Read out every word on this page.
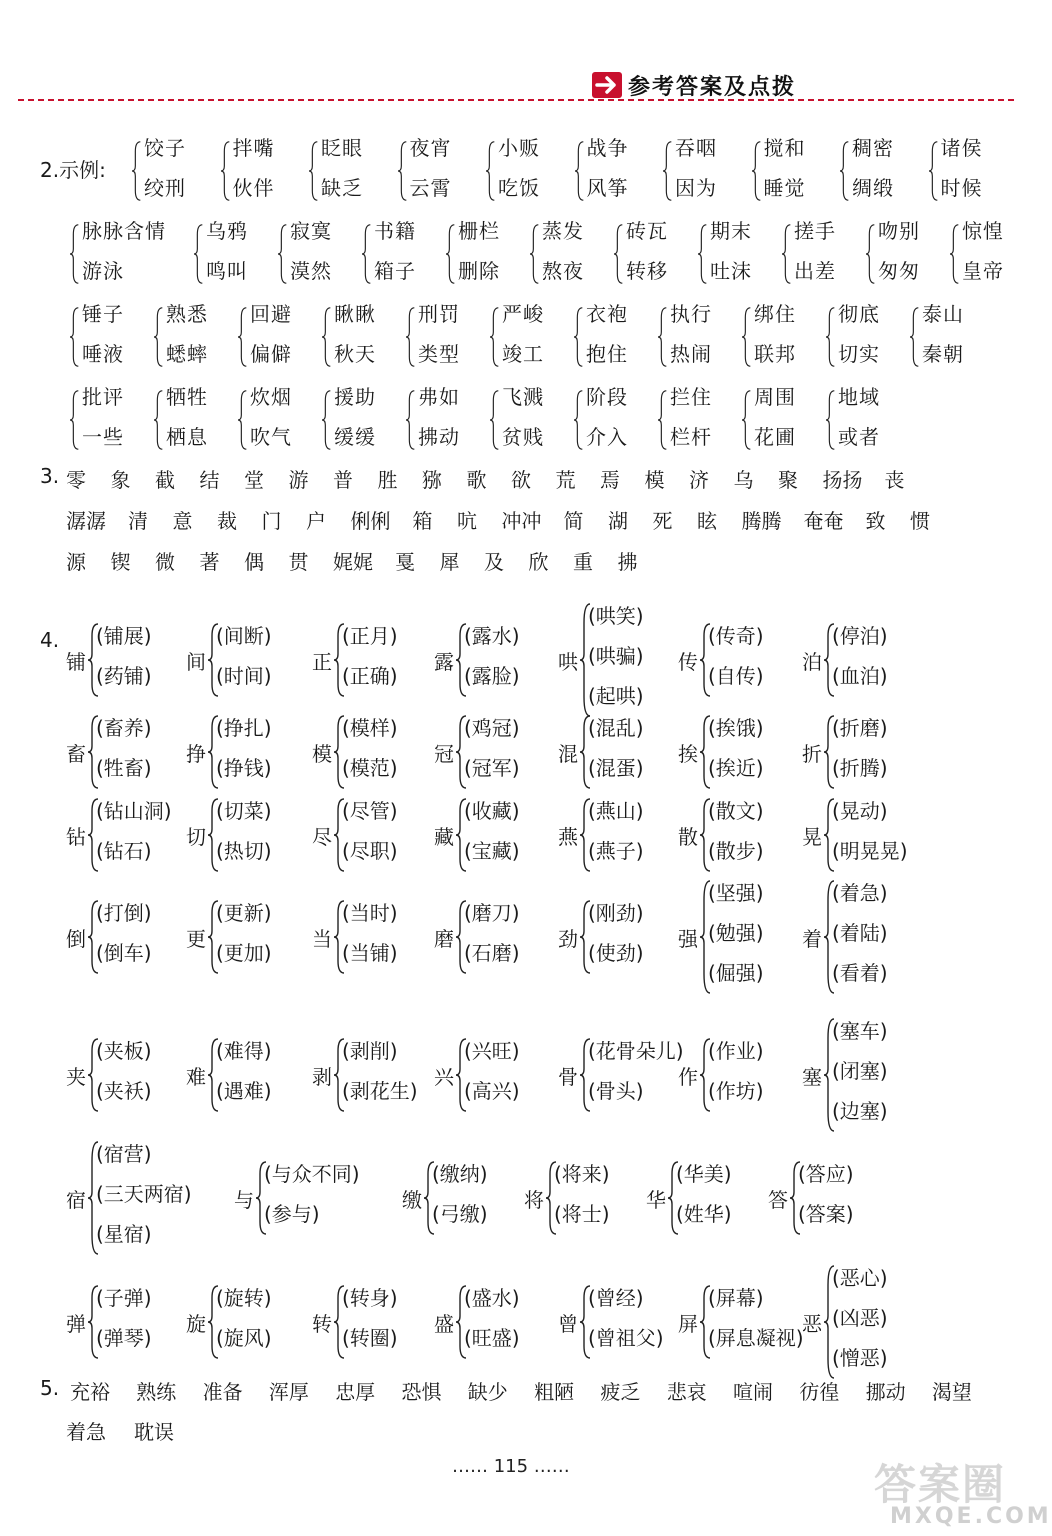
参考答案及点拨
2.示例:
饺子
绞刑
拌嘴
伙伴
眨眼
缺乏
夜宵
云霄
小贩
吃饭
战争
风筝
吞咽
因为
搅和
睡觉
稠密
绸缎
诸侯
时候
脉脉含情
游泳
乌鸦
鸣叫
寂寞
漠然
书籍
箱子
栅栏
删除
蒸发
熬夜
砖瓦
转移
期末
吐沫
搓手
出差
吻别
匆匆
惊惶
皇帝
锤子
唾液
熟悉
蟋蟀
回避
偏僻
瞅瞅
秋天
刑罚
类型
严峻
竣工
衣袍
抱住
执行
热闹
绑住
联邦
彻底
切实
泰山
秦朝
批评
一些
牺牲
栖息
炊烟
吹气
援助
缓缓
弗如
拂动
飞溅
贫贱
阶段
介入
拦住
栏杆
周围
花圃
地域
或者
3. 零 象 截 结 堂 游 普 胜 猕 歌 欲 荒 焉 模 济 乌 聚 扬扬 丧
潺潺 清 意 裁 门 户 俐俐 箱 吭 冲冲 简 湖 死 眩 腾腾 奄奄 致 惯
源 锲 微 著 偶 贯 娓娓 戛 犀 及 欣 重 拂
4.
铺
(铺展)
(药铺)
间
(间断)
(时间)
正
(正月)
(正确)
露
(露水)
(露脸)
哄
(哄笑)
(哄骗)
(起哄)
传
(传奇)
(自传)
泊
(停泊)
(血泊)
畜
(畜养)
(牲畜)
挣
(挣扎)
(挣钱)
模
(模样)
(模范)
冠
(鸡冠)
(冠军)
混
(混乱)
(混蛋)
挨
(挨饿)
(挨近)
折
(折磨)
(折腾)
钻
(钻山洞)
(钻石)
切
(切菜)
(热切)
尽
(尽管)
(尽职)
藏
(收藏)
(宝藏)
燕
(燕山)
(燕子)
散
(散文)
(散步)
晃
(晃动)
(明晃晃)
倒
(打倒)
(倒车)
更
(更新)
(更加)
当
(当时)
(当铺)
磨
(磨刀)
(石磨)
劲
(刚劲)
(使劲)
强
(坚强)
(勉强)
(倔强)
着
(着急)
(着陆)
(看着)
夹
(夹板)
(夹袄)
难
(难得)
(遇难)
剥
(剥削)
(剥花生)
兴
(兴旺)
(高兴)
骨
(花骨朵儿)
(骨头)
作
(作业)
(作坊)
塞
(塞车)
(闭塞)
(边塞)
宿
(宿营)
(三天两宿)
(星宿)
与
(与众不同)
(参与)
缴
(缴纳)
(弓缴)
将
(将来)
(将士)
华
(华美)
(姓华)
答
(答应)
(答案)
弹
(子弹)
(弹琴)
旋
(旋转)
(旋风)
转
(转身)
(转圈)
盛
(盛水)
(旺盛)
曾
(曾经)
(曾祖父)
屏
(屏幕)
(屏息凝视)
恶
(恶心)
(凶恶)
(憎恶)
5. 充裕 熟练 准备 浑厚 忠厚 恐惧 缺少 粗陋 疲乏 悲哀 喧闹 彷徨 挪动 渴望
着急 耽误
…… 115 ……	答案圈
MXQE.COM
